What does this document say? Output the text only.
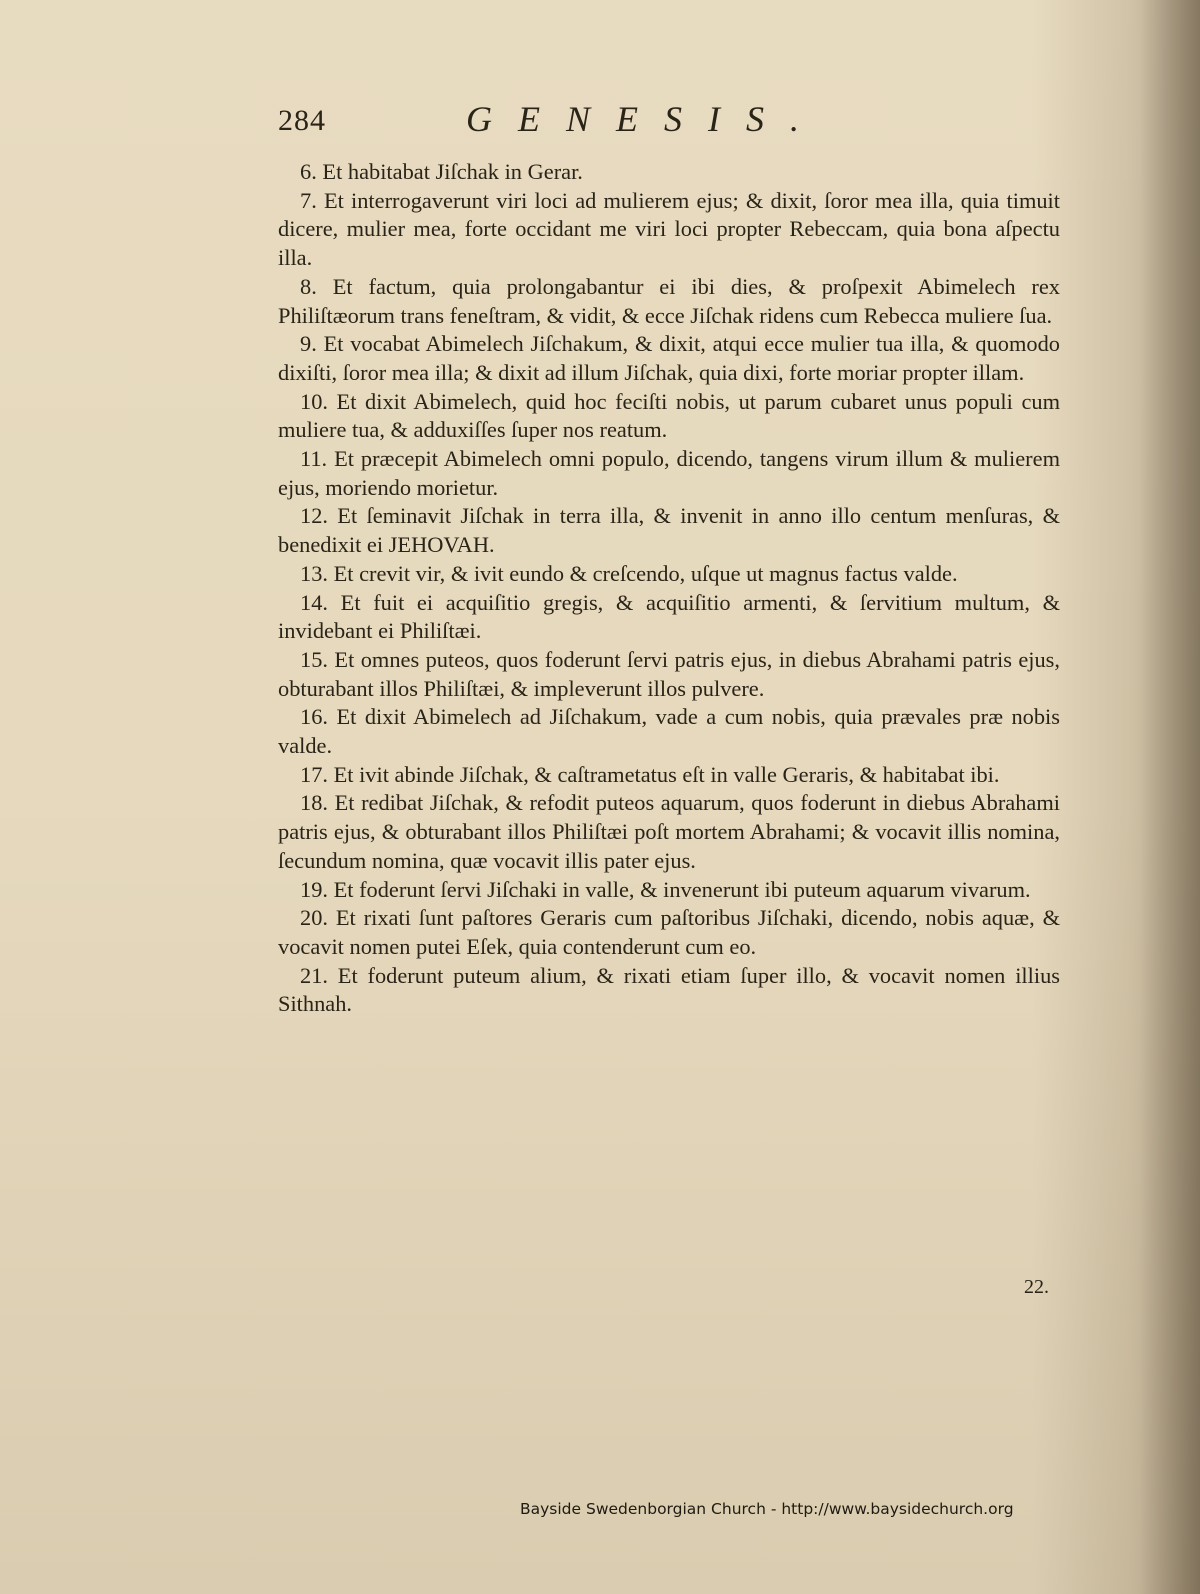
284	GENESIS.

6. Et habitabat Jiſchak in Gerar.

7. Et interrogaverunt viri loci ad mulierem ejus; & dixit, ſoror mea illa, quia timuit dicere, mulier mea, forte occidant me viri loci propter Rebeccam, quia bona aſpectu illa.

8. Et factum, quia prolongabantur ei ibi dies, & proſpexit Abimelech rex Philiſtæorum trans feneſtram, & vidit, & ecce Jiſchak ridens cum Rebecca muliere ſua.

9. Et vocabat Abimelech Jiſchakum, & dixit, atqui ecce mulier tua illa, & quomodo dixiſti, ſoror mea illa; & dixit ad illum Jiſchak, quia dixi, forte moriar propter illam.

10. Et dixit Abimelech, quid hoc feciſti nobis, ut parum cubaret unus populi cum muliere tua, & adduxiſſes ſuper nos reatum.

11. Et præcepit Abimelech omni populo, dicendo, tangens virum illum & mulierem ejus, moriendo morietur.

12. Et ſeminavit Jiſchak in terra illa, & invenit in anno illo centum menſuras, & benedixit ei JEHOVAH.

13. Et crevit vir, & ivit eundo & creſcendo, uſque ut magnus factus valde.

14. Et fuit ei acquiſitio gregis, & acquiſitio armenti, & ſervitium multum, & invidebant ei Philiſtæi.

15. Et omnes puteos, quos foderunt ſervi patris ejus, in diebus Abrahami patris ejus, obturabant illos Philiſtæi, & impleverunt illos pulvere.

16. Et dixit Abimelech ad Jiſchakum, vade a cum nobis, quia prævales præ nobis valde.

17. Et ivit abinde Jiſchak, & caſtrametatus eſt in valle Geraris, & habitabat ibi.

18. Et redibat Jiſchak, & refodit puteos aquarum, quos foderunt in diebus Abrahami patris ejus, & obturabant illos Philiſtæi poſt mortem Abrahami; & vocavit illis nomina, ſecundum nomina, quæ vocavit illis pater ejus.

19. Et foderunt ſervi Jiſchaki in valle, & invenerunt ibi puteum aquarum vivarum.

20. Et rixati ſunt paſtores Geraris cum paſtoribus Jiſchaki, dicendo, nobis aquæ, & vocavit nomen putei Eſek, quia contenderunt cum eo.

21. Et foderunt puteum alium, & rixati etiam ſuper illo, & vocavit nomen illius Sithnah.

22.
Bayside Swedenborgian Church - http://www.baysidechurch.org
